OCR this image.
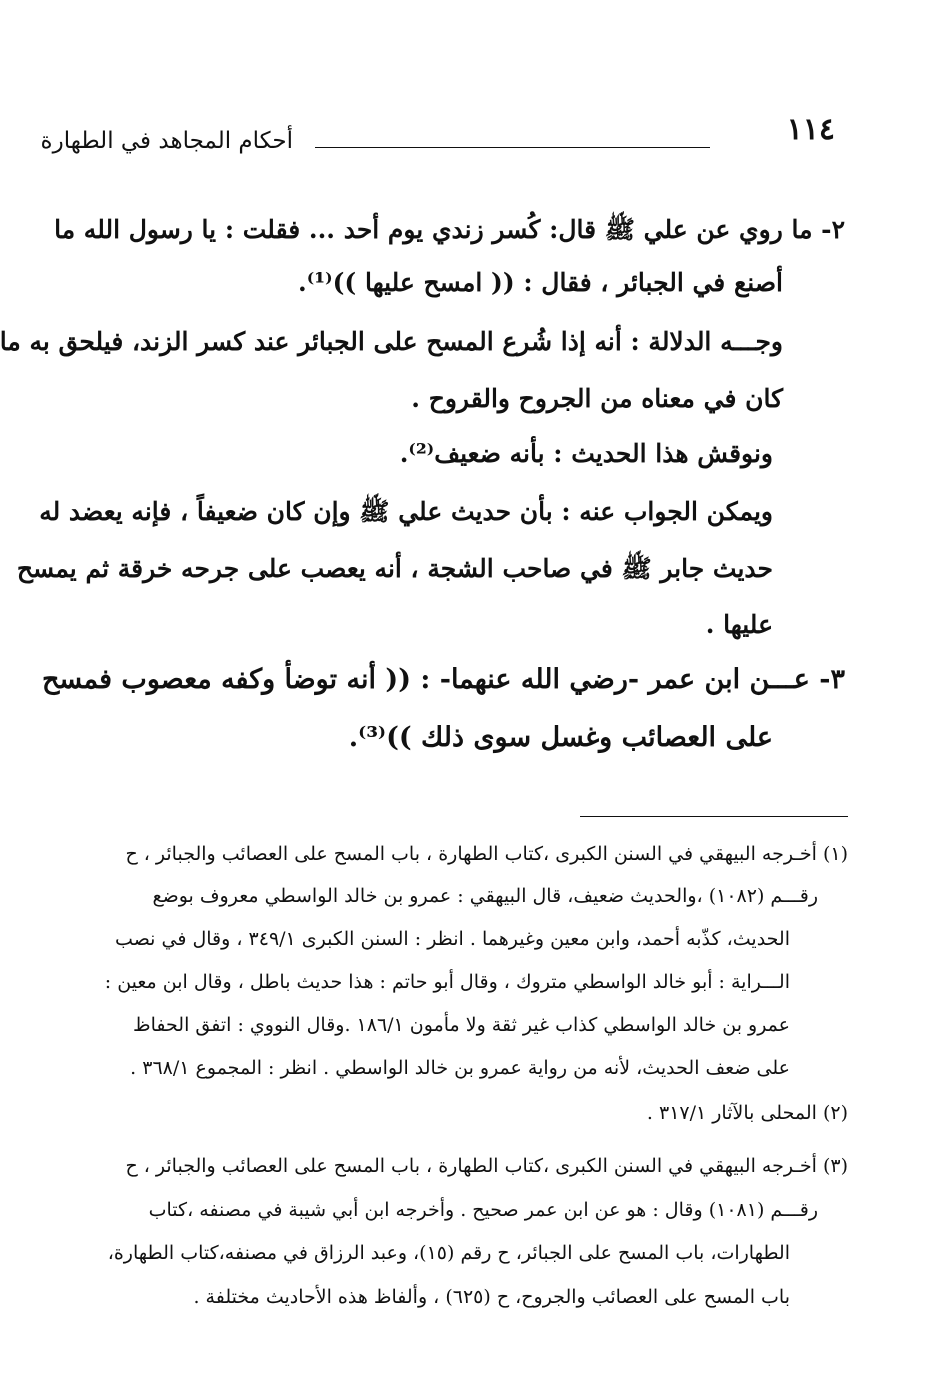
١١٤
أحكام المجاهد في الطهارة
٢- ما روي عن علي ﷺ قال: كُسر زندي يوم أحد ... فقلت : يا رسول الله ما
أصنع في الجبائر ، فقال : (( امسح عليها ))⁽¹⁾.
وجـــه الدلالة : أنه إذا شُرع المسح على الجبائر عند كسر الزند، فيلحق به ما
كان في معناه من الجروح والقروح .
ونوقش هذا الحديث : بأنه ضعيف⁽²⁾.
ويمكن الجواب عنه : بأن حديث علي ﷺ وإن كان ضعيفاً ، فإنه يعضد له
حديث جابر ﷺ في صاحب الشجة ، أنه يعصب على جرحه خرقة ثم يمسح
عليها .
٣- عـــن ابن عمر -رضي الله عنهما- : (( أنه توضأ وكفه معصوب فمسح
على العصائب وغسل سوى ذلك ))⁽³⁾.
(١) أخـرجه البيهقي في السنن الكبرى ،كتاب الطهارة ، باب المسح على العصائب والجبائر ، ح
رقـــم (١٠٨٢) ،والحديث ضعيف، قال البيهقي : عمرو بن خالد الواسطي معروف بوضع
الحديث، كذّبه أحمد، وابن معين وغيرهما . انظر : السنن الكبرى ٣٤٩/١ ، وقال في نصب
الـــراية : أبو خالد الواسطي متروك ، وقال أبو حاتم : هذا حديث باطل ، وقال ابن معين :
عمرو بن خالد الواسطي كذاب غير ثقة ولا مأمون ١٨٦/١ .وقال النووي : اتفق الحفاظ
على ضعف الحديث، لأنه من رواية عمرو بن خالد الواسطي . انظر : المجموع ٣٦٨/١ .
(٢) المحلى بالآثار ٣١٧/١ .
(٣) أخـرجه البيهقي في السنن الكبرى ،كتاب الطهارة ، باب المسح على العصائب والجبائر ، ح
رقـــم (١٠٨١) وقال : هو عن ابن عمر صحيح . وأخرجه ابن أبي شيبة في مصنفه ،كتاب
الطهارات، باب المسح على الجبائر، ح رقم (١٥)، وعبد الرزاق في مصنفه،كتاب الطهارة،
باب المسح على العصائب والجروح، ح (٦٢٥) ، وألفاظ هذه الأحاديث مختلفة .
